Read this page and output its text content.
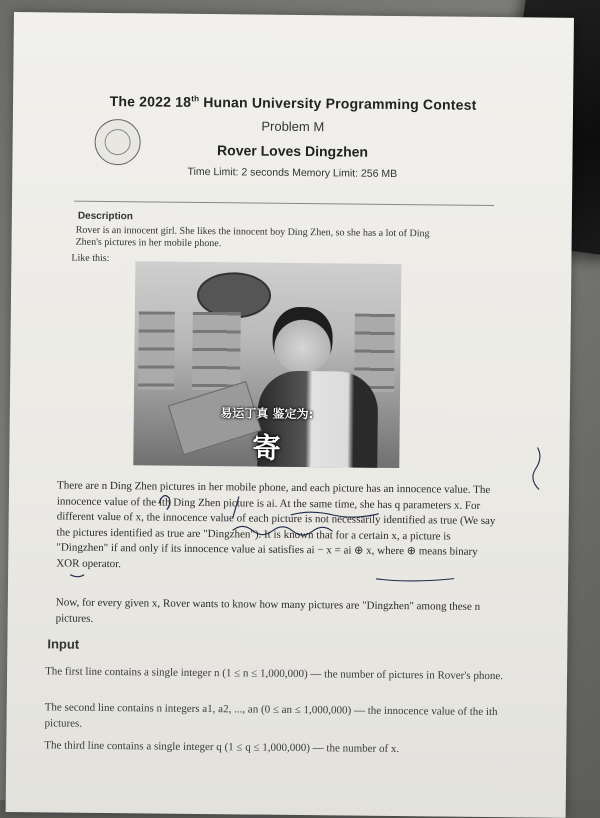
The 2022 18th Hunan University Programming Contest
Problem M
Rover Loves Dingzhen
Time Limit: 2 seconds Memory Limit: 256 MB
Description
Rover is an innocent girl. She likes the innocent boy Ding Zhen, so she has a lot of Ding Zhen's pictures in her mobile phone.
Like this:
易运丁真 鉴定为:
寄
There are n Ding Zhen pictures in her mobile phone, and each picture has an innocence value. The innocence value of the ith Ding Zhen picture is ai. At the same time, she has q parameters x. For different value of x, the innocence value of each picture is not necessarily identified as true (We say the pictures identified as true are "Dingzhen"). It is known that for a certain x, a picture is "Dingzhen" if and only if its innocence value ai satisfies ai − x = ai ⊕ x, where ⊕ means binary XOR operator.
Now, for every given x, Rover wants to know how many pictures are "Dingzhen" among these n pictures.
Input
The first line contains a single integer n (1 ≤ n ≤ 1,000,000) — the number of pictures in Rover's phone.
The second line contains n integers a1, a2, ..., an (0 ≤ an ≤ 1,000,000) — the innocence value of the ith pictures.
The third line contains a single integer q (1 ≤ q ≤ 1,000,000) — the number of x.
